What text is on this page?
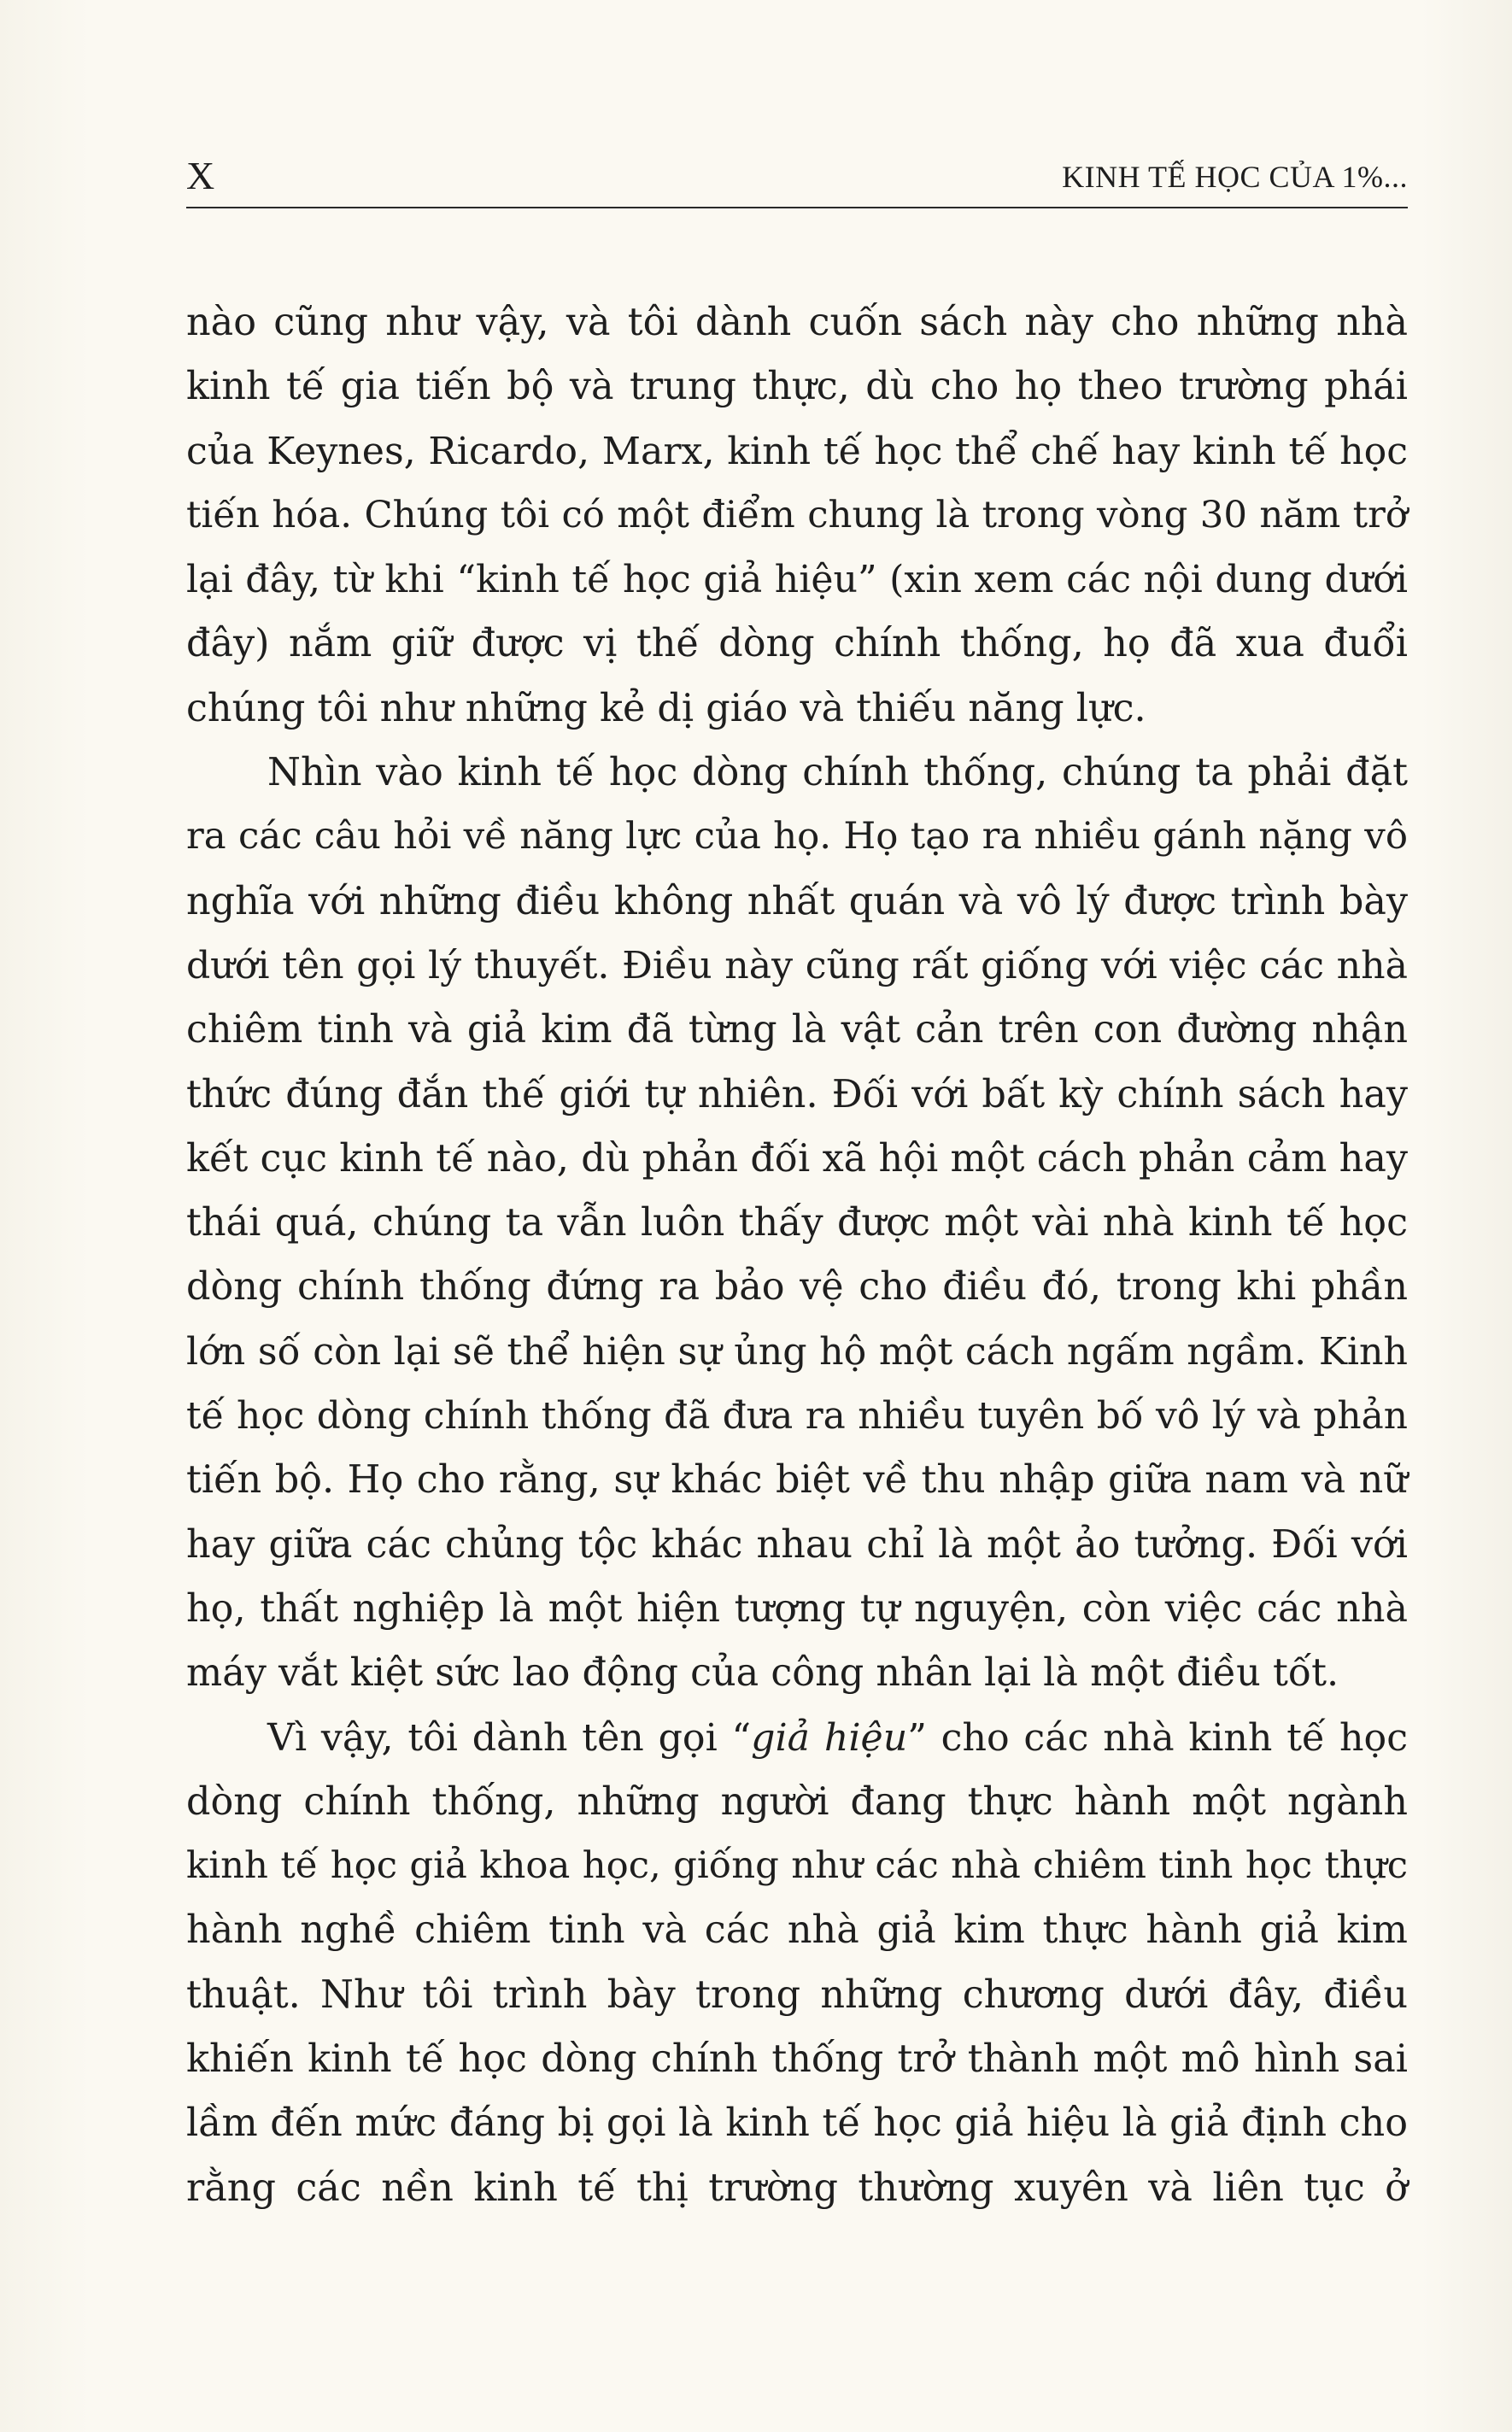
X	KINH TẾ HỌC CỦA 1%...
nào cũng như vậy, và tôi dành cuốn sách này cho những nhà
kinh tế gia tiến bộ và trung thực, dù cho họ theo trường phái
của Keynes, Ricardo, Marx, kinh tế học thể chế hay kinh tế học
tiến hóa. Chúng tôi có một điểm chung là trong vòng 30 năm trở
lại đây, từ khi “kinh tế học giả hiệu” (xin xem các nội dung dưới
đây) nắm giữ được vị thế dòng chính thống, họ đã xua đuổi
chúng tôi như những kẻ dị giáo và thiếu năng lực.
Nhìn vào kinh tế học dòng chính thống, chúng ta phải đặt
ra các câu hỏi về năng lực của họ. Họ tạo ra nhiều gánh nặng vô
nghĩa với những điều không nhất quán và vô lý được trình bày
dưới tên gọi lý thuyết. Điều này cũng rất giống với việc các nhà
chiêm tinh và giả kim đã từng là vật cản trên con đường nhận
thức đúng đắn thế giới tự nhiên. Đối với bất kỳ chính sách hay
kết cục kinh tế nào, dù phản đối xã hội một cách phản cảm hay
thái quá, chúng ta vẫn luôn thấy được một vài nhà kinh tế học
dòng chính thống đứng ra bảo vệ cho điều đó, trong khi phần
lớn số còn lại sẽ thể hiện sự ủng hộ một cách ngấm ngầm. Kinh
tế học dòng chính thống đã đưa ra nhiều tuyên bố vô lý và phản
tiến bộ. Họ cho rằng, sự khác biệt về thu nhập giữa nam và nữ
hay giữa các chủng tộc khác nhau chỉ là một ảo tưởng. Đối với
họ, thất nghiệp là một hiện tượng tự nguyện, còn việc các nhà
máy vắt kiệt sức lao động của công nhân lại là một điều tốt.
Vì vậy, tôi dành tên gọi “giả hiệu” cho các nhà kinh tế học
dòng chính thống, những người đang thực hành một ngành
kinh tế học giả khoa học, giống như các nhà chiêm tinh học thực
hành nghề chiêm tinh và các nhà giả kim thực hành giả kim
thuật. Như tôi trình bày trong những chương dưới đây, điều
khiến kinh tế học dòng chính thống trở thành một mô hình sai
lầm đến mức đáng bị gọi là kinh tế học giả hiệu là giả định cho
rằng các nền kinh tế thị trường thường xuyên và liên tục ở
